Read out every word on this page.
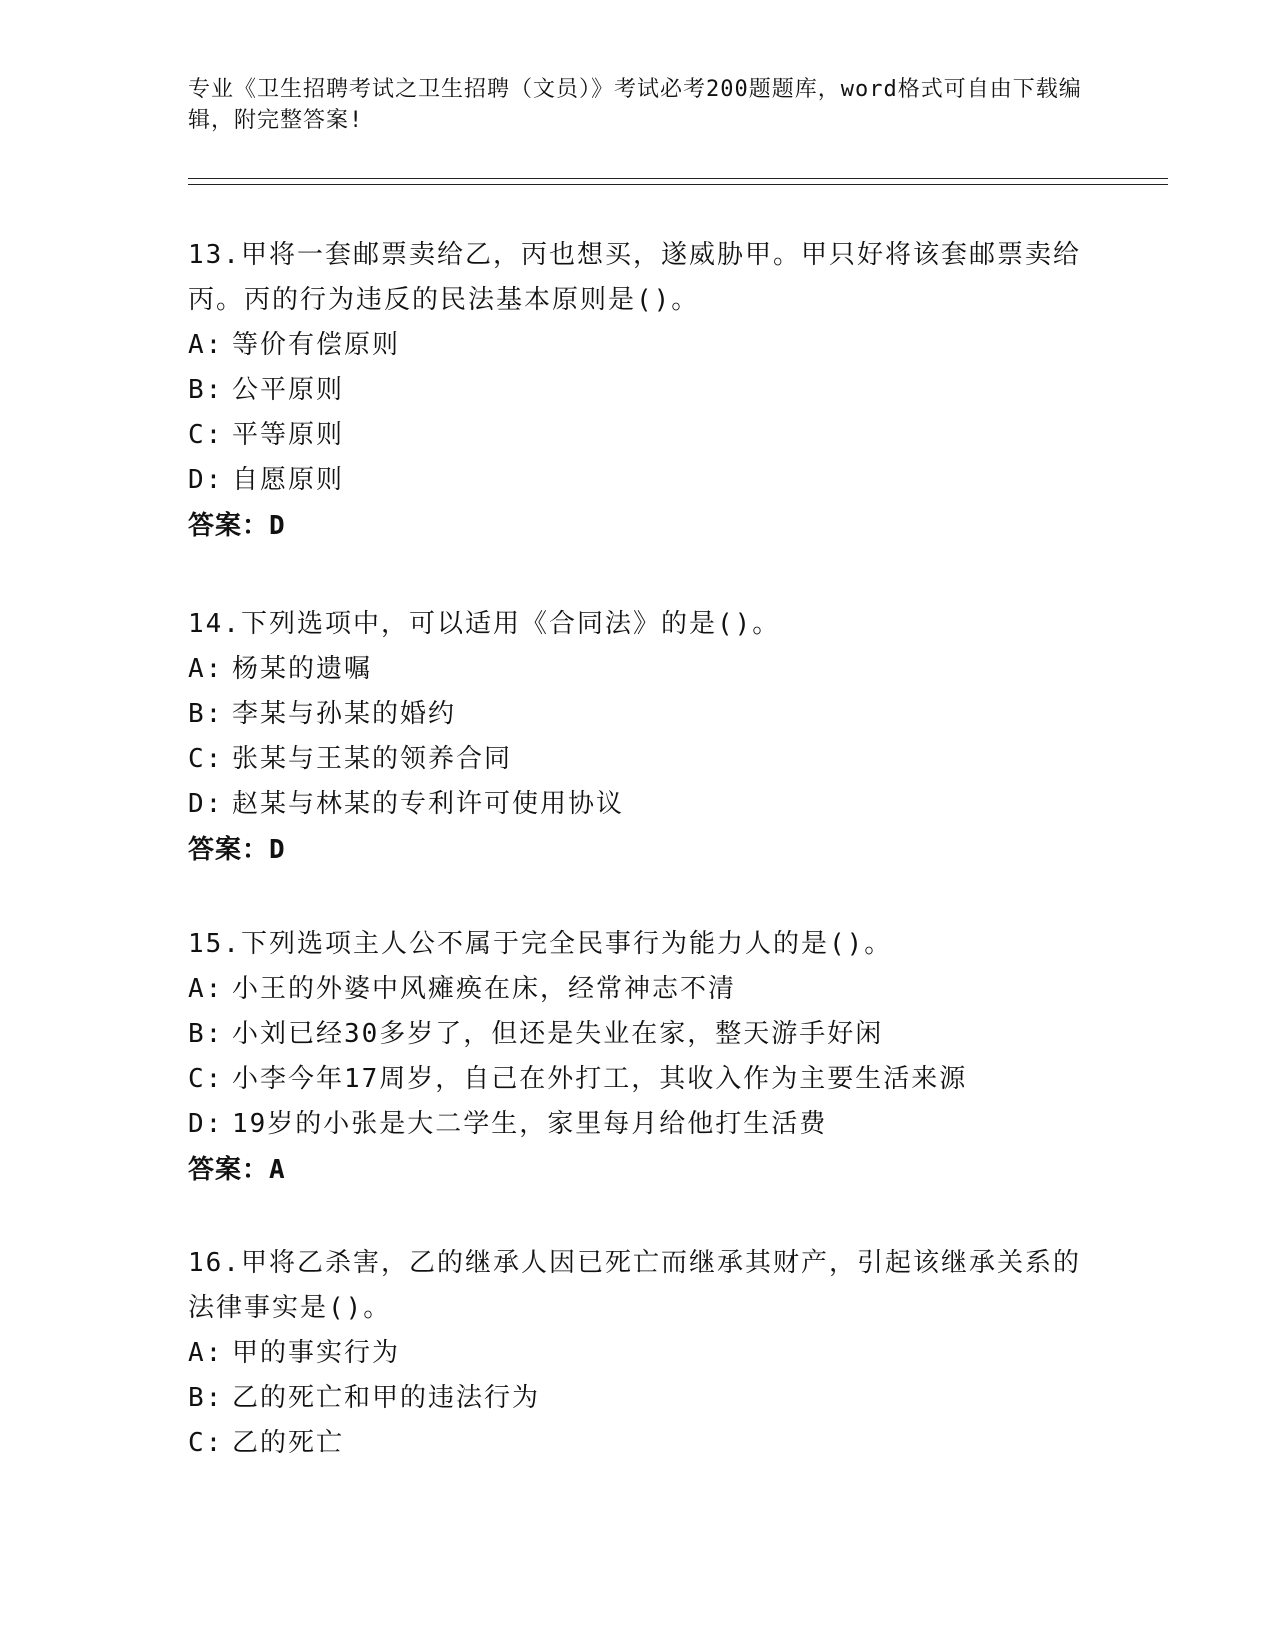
专业《卫生招聘考试之卫生招聘（文员）》考试必考200题题库，word格式可自由下载编辑，附完整答案!
13.甲将一套邮票卖给乙，丙也想买，遂威胁甲。甲只好将该套邮票卖给丙。丙的行为违反的民法基本原则是()。
A: 等价有偿原则
B: 公平原则
C: 平等原则
D: 自愿原则
答案：D
14.下列选项中，可以适用《合同法》的是()。
A: 杨某的遗嘱
B: 李某与孙某的婚约
C: 张某与王某的领养合同
D: 赵某与林某的专利许可使用协议
答案：D
15.下列选项主人公不属于完全民事行为能力人的是()。
A: 小王的外婆中风瘫痪在床，经常神志不清
B: 小刘已经30多岁了，但还是失业在家，整天游手好闲
C: 小李今年17周岁，自己在外打工，其收入作为主要生活来源
D: 19岁的小张是大二学生，家里每月给他打生活费
答案：A
16.甲将乙杀害，乙的继承人因已死亡而继承其财产，引起该继承关系的法律事实是()。
A: 甲的事实行为
B: 乙的死亡和甲的违法行为
C: 乙的死亡
